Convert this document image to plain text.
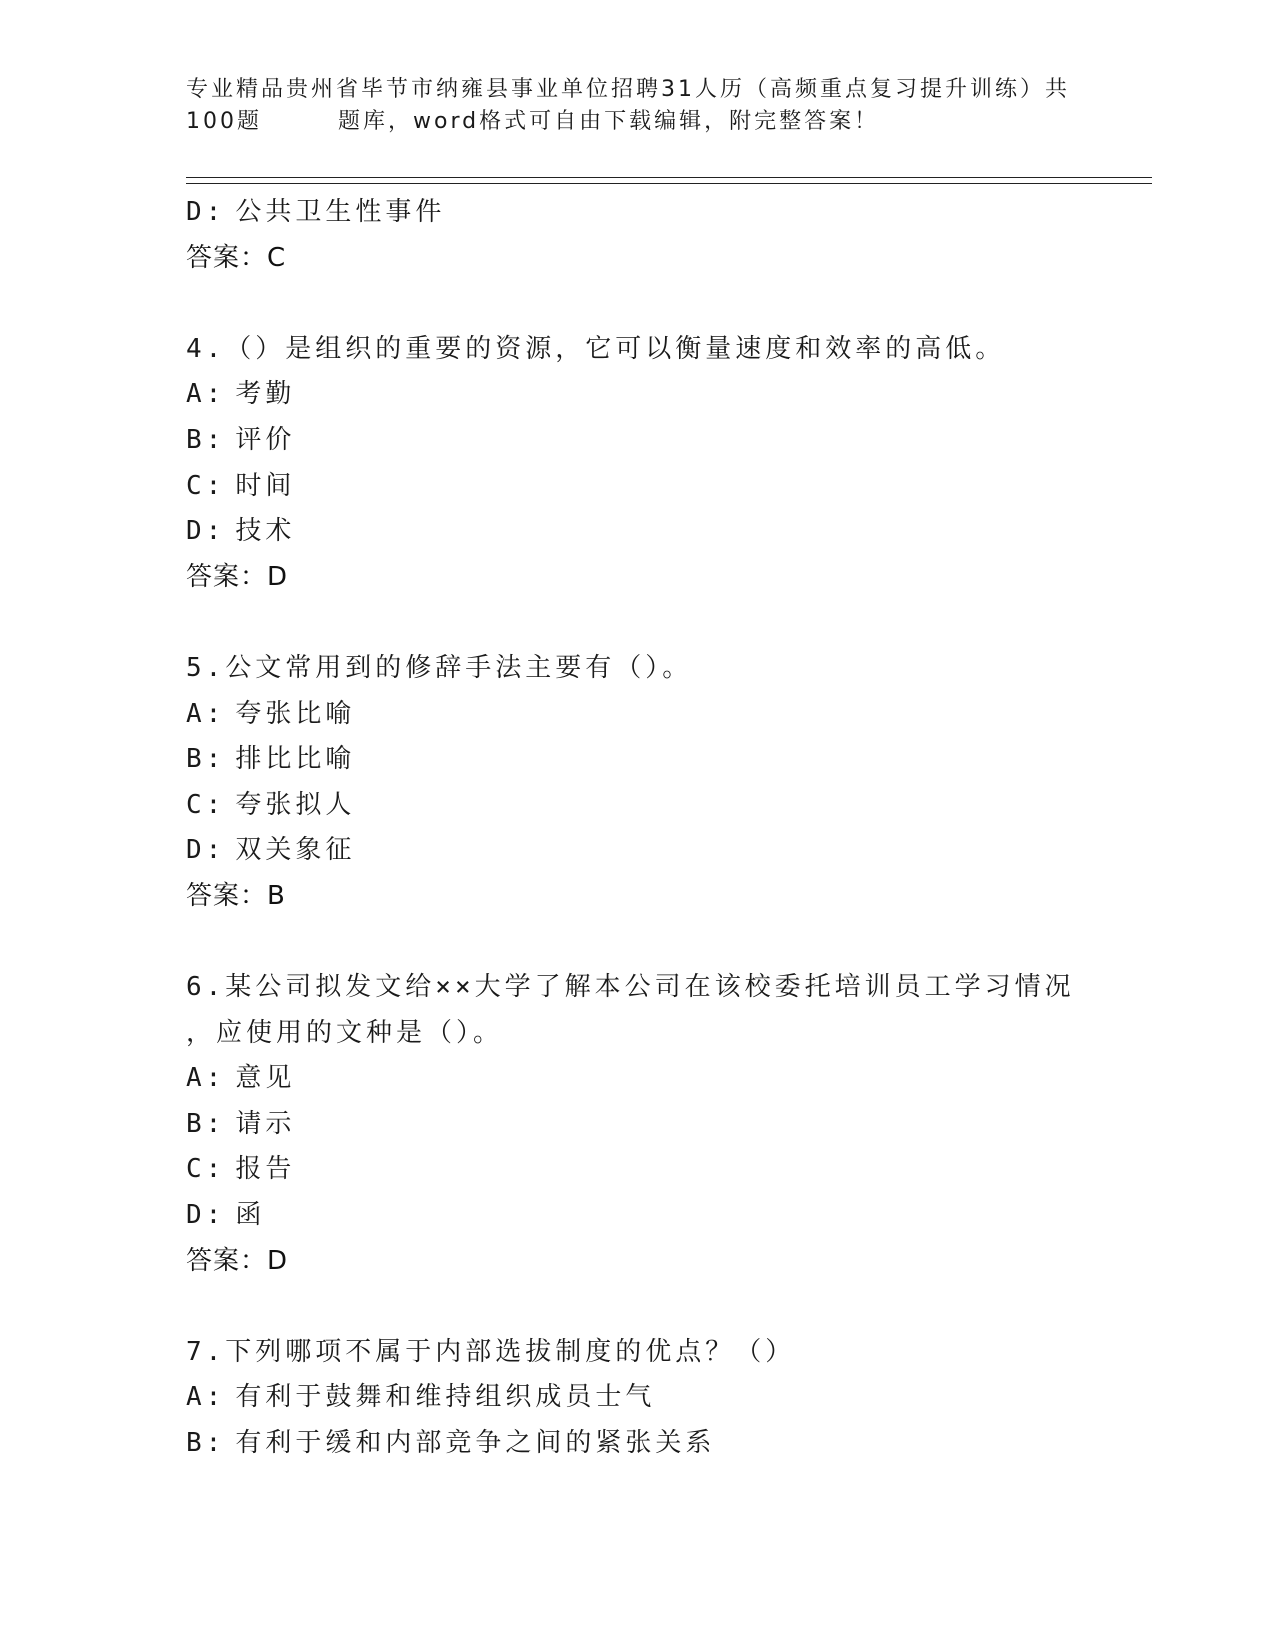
专业精品贵州省毕节市纳雍县事业单位招聘31人历（高频重点复习提升训练）共
100题	题库，word格式可自由下载编辑，附完整答案！
D: 公共卫生性事件
答案：C
4.（）是组织的重要的资源，它可以衡量速度和效率的高低。
A: 考勤
B: 评价
C: 时间
D: 技术
答案：D
5.公文常用到的修辞手法主要有（）。
A: 夸张比喻
B: 排比比喻
C: 夸张拟人
D: 双关象征
答案：B
6.某公司拟发文给××大学了解本公司在该校委托培训员工学习情况
，应使用的文种是（）。
A: 意见
B: 请示
C: 报告
D: 函
答案：D
7.下列哪项不属于内部选拔制度的优点？（）
A: 有利于鼓舞和维持组织成员士气
B: 有利于缓和内部竞争之间的紧张关系
